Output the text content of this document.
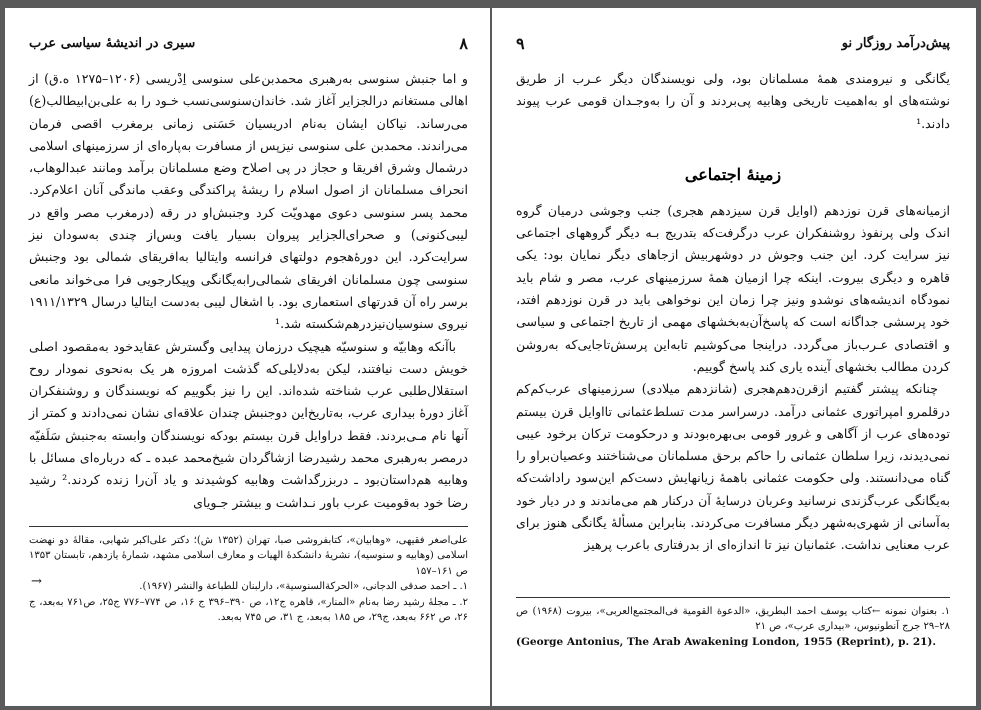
۸
سیری در اندیشهٔ سیاسی عرب

و اما جنبش سنوسی به‌رهبری محمدبن‌علی سنوسی اِدْریسی (۱۲۰۶–۱۲۷۵ ه.ق) از اهالی مستغانم درالجزایر آغاز شد. خاندان‌سنوسی‌نسب خـود را به علی‌بن‌ابیطالب(ع) می‌رساند. نیاکان ایشان به‌نام ادریسیان حَسَنی زمانی برمغرب اقصی فرمان می‌راندند. محمدبن علی سنوسی نیزپس از مسافرت به‌پاره‌ای از سرزمینهای اسلامی درشمال وشرق افریقا و حجاز در پی اصلاح وضع مسلمانان برآمد ومانند عبدالوهاب، انحراف مسلمانان از اصول اسلام را ریشهٔ پراکندگی وعقب ماندگی آنان اعلام‌کرد. محمد پسر سنوسی دعوی مهدویّت کرد وجنبش‌او در رقه (درمغرب مصر واقع در لیبی‌کنونی) و صحرای‌الجزایر پیروان بسیار یافت وبس‌از چندی به‌سودان نیز سرایت‌کرد. این دورهٔ‌هجوم دولتهای فرانسه وایتالیا به‌افریقای شمالی بود وجنبش سنوسی چون مسلمانان افریقای شمالی‌رابه‌یگانگی وپیکارجویی فرا می‌خواند مانعی برسر راه آن قدرتهای استعماری بود. با اشغال لیبی به‌دست ایتالیا درسال ۱۹۱۱/۱۳۲۹ نیروی سنوسیان‌نیزدرهم‌شکسته شد.¹

باآنکه وهابیّه و سنوسیّه هیچیک درزمان پیدایی وگسترش عقایدخود به‌مقصود اصلی خویش دست نیافتند، لیکن به‌دلایلی‌که گذشت امروزه هر یک به‌نحوی نمودار روح استقلال‌طلبی عرب شناخته شده‌اند. این را نیز بگوییم که نویسندگان و روشنفکران آغاز دورهٔ بیداری عرب، به‌تاریخ‌این دوجنبش چندان علاقه‌ای نشان نمی‌دادند و کمتر از آنها نام مـی‌بردند. فقط دراوایل قرن بیستم بودکه نویسندگان وابسته به‌جنبش سَلَفیّه درمصر به‌رهبری محمد رشیدرضا ازشاگردان شیخ‌محمد عبده ـ که درباره‌ای مسائل با وهابیه هم‌داستان‌بود ـ دربزرگداشت وهابیه کوشیدند و یاد آن‌را زنده کردند.² رشید رضا خود به‌قومیت عرب باور نـداشت و بیشتر جـویای

علی‌اصغر فقیهی، «وهابیان»، کتابفروشی صبا، تهران (۱۳۵۲ ش)؛ دکتر علی‌اکبر شهابی، مقالهٔ دو نهضت اسلامی (وهابیه و سنوسیه)، نشریهٔ دانشکدهٔ الهیات و معارف اسلامی مشهد، شمارهٔ یازدهم، تابستان ۱۳۵۳ ص ۱۶۱–۱۵۷

۱. ـ احمد صدقی الدجانی، «الحرکة‌السنوسیة»، دارلبنان للطباعة والنشر (۱۹۶۷).

۲. ـ مجلهٔ رشید رضا به‌نام «المنار»، قاهره ج۱۲، ص ۳۹۰–۳۹۶ ج ۱۶، ص ۷۷۴–۷۷۶ ج۲۵، ص۷۶۱ به‌بعد، ج ۲۶، ص ۶۶۲ به‌بعد، ج۲۹، ص ۱۸۵ به‌بعد، ج ۳۱، ص ۷۴۵ به‌بعد.

→
پیش‌درآمد روزگار نو
۹

یگانگی و نیرومندی همهٔ مسلمانان بود، ولی نویسندگان دیگر عـرب از طریق نوشته‌های او به‌اهمیت تاریخی وهابیه پی‌بردند و آن را به‌وجـدان قومی عرب پیوند دادند.¹

زمینهٔ اجتماعی

ازمیانه‌های قرن نوزدهم (اوایل قرن سیزدهم هجری) جنب وجوشی درمیان گروه اندک ولی پرنفوذ روشنفکران عرب درگرفت‌که بتدریج بـه دیگر گروههای اجتماعی نیز سرایت کرد. این جنب وجوش در دوشهربیش ازجاهای دیگر نمایان بود: یکی قاهره و دیگری بیروت. اینکه چرا ازمیان همهٔ سرزمینهای عرب، مصر و شام باید نمودگاه اندیشه‌های نوشدو ونیز چرا زمان این نوخواهی باید در قرن نوزدهم افتد، خود پرسشی جداگانه است که پاسخ‌آن‌به‌بخشهای مهمی از تاریخ اجتماعی و سیاسی و اقتصادی عـرب‌باز می‌گردد. دراینجا می‌کوشیم تابه‌این پرسش‌تاجایی‌که به‌روشن کردن مطالب بخشهای آینده یاری کند پاسخ گوییم.

چنانکه پیشتر گفتیم ازقرن‌دهم‌هجری (شانزدهم میلادی) سرزمینهای عرب‌کم‌کم درقلمرو امپراتوری عثمانی درآمد. درسراسر مدت تسلط‌عثمانی تااوایل قرن بیستم توده‌های عرب از آگاهی و غرور قومی بی‌بهره‌بودند و درحکومت ترکان برخود عیبی نمی‌دیدند، زیرا سلطان عثمانی را حاکم برحق مسلمانان می‌شناختند وعصیان‌براو را گناه می‌دانستند. ولی حکومت عثمانی باهمهٔ زیانهایش دست‌کم این‌سود راداشت‌که به‌یگانگی عرب‌گزندی نرسانید وعربان درسایهٔ آن درکنار هم می‌ماندند و در دیار خود به‌آسانی از شهری‌به‌شهر دیگر مسافرت می‌کردند. بنابراین مسألهٔ یگانگی هنوز برای عرب معنایی نداشت. عثمانیان نیز تا اندازه‌ای از بدرفتاری باعرب پرهیز

۱. بعنوان نمونه ←کتاب یوسف احمد البطریق، «الدعوة القومیة فی‌المجتمع‌العربی»، بیروت (۱۹۶۸) ص ۲۸–۲۹ جرج آنطونیوس، «بیداری عرب»، ص ۲۱

(George Antonius, The Arab Awakening London, 1955 (Reprint), p. 21).
